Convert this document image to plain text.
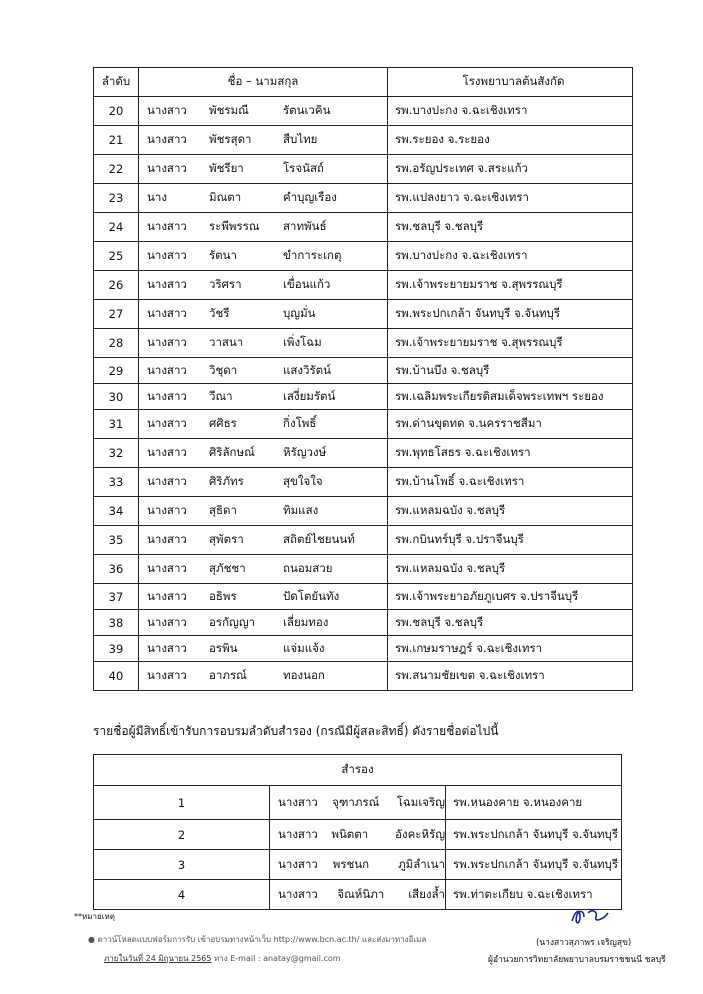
ลำดับ	ชื่อ – นามสกุล	โรงพยาบาลต้นสังกัด
20	นางสาว พัชรมณี รัตนเวคิน	รพ.บางปะกง จ.ฉะเชิงเทรา
21	นางสาว พัชรสุดา สืบไทย	รพ.ระยอง จ.ระยอง
22	นางสาว พัชรียา โรจนัสถ์	รพ.อรัญประเทศ จ.สระแก้ว
23	นาง มิณตา คำบุญเรือง	รพ.แปลงยาว จ.ฉะเชิงเทรา
24	นางสาว ระพีพรรณ สาทพันธ์	รพ.ชลบุรี จ.ชลบุรี
25	นางสาว รัตนา ขำการะเกตุ	รพ.บางปะกง จ.ฉะเชิงเทรา
26	นางสาว วริศรา เขื่อนแก้ว	รพ.เจ้าพระยายมราช จ.สุพรรณบุรี
27	นางสาว วัชรี บุญมั่น	รพ.พระปกเกล้า จันทบุรี จ.จันทบุรี
28	นางสาว วาสนา เพิ่งโฉม	รพ.เจ้าพระยายมราช จ.สุพรรณบุรี
29	นางสาว วิชุดา แสงวิรัตน์	รพ.บ้านบึง จ.ชลบุรี
30	นางสาว วีณา เสงี่ยมรัตน์	รพ.เฉลิมพระเกียรติสมเด็จพระเทพฯ ระยอง
31	นางสาว ศศิธร กิ่งโพธิ์	รพ.ด่านขุดทด จ.นครราชสีมา
32	นางสาว ศิริลักษณ์ หิรัญวงษ์	รพ.พุทธโสธร จ.ฉะเชิงเทรา
33	นางสาว ศิริภัทร สุขใจใจ	รพ.บ้านโพธิ์ จ.ฉะเชิงเทรา
34	นางสาว สุธิดา ทิมแสง	รพ.แหลมฉบัง จ.ชลบุรี
35	นางสาว สุพัตรา สถิตย์ไชยนนท์	รพ.กบินทร์บุรี จ.ปราจีนบุรี
36	นางสาว สุภัชชา ถนอมสวย	รพ.แหลมฉบัง จ.ชลบุรี
37	นางสาว อธิพร ปัดโตยันทัง	รพ.เจ้าพระยาอภัยภูเบศร จ.ปราจีนบุรี
38	นางสาว อรกัญญา เลี่ยมทอง	รพ.ชลบุรี จ.ชลบุรี
39	นางสาว อรพิน แจ่มแจ้ง	รพ.เกษมราษฎร์ จ.ฉะเชิงเทรา
40	นางสาว อาภรณ์ ทองนอก	รพ.สนามชัยเขต จ.ฉะเชิงเทรา
รายชื่อผู้มีสิทธิ์เข้ารับการอบรมลำดับสำรอง (กรณีมีผู้สละสิทธิ์) ดังรายชื่อต่อไปนี้
สำรอง		
1	นางสาว จุฑาภรณ์ โฉมเจริญ	รพ.หนองคาย จ.หนองคาย
2	นางสาว พนิตตา อังคะหิรัญ	รพ.พระปกเกล้า จันทบุรี จ.จันทบุรี
3	นางสาว พรชนก ภูมิลำเนา	รพ.พระปกเกล้า จันทบุรี จ.จันทบุรี
4	นางสาว จิณห์นิภา เสียงล้ำ	รพ.ท่าตะเกียบ จ.ฉะเชิงเทรา
**หมายเหตุ
● ดาวน์โหลดแบบฟอร์มการรับ เข้าอบรมทางหน้าเว็บ http://www.bcn.ac.th/ และส่งมาทางอีเมล
ภายในวันที่ 24 มิถุนายน 2565 ทาง E-mail : anatay@gmail.com
(นางสาวสุภาพร เจริญสุข)
ผู้อำนวยการวิทยาลัยพยาบาลบรมราชชนนี ชลบุรี
